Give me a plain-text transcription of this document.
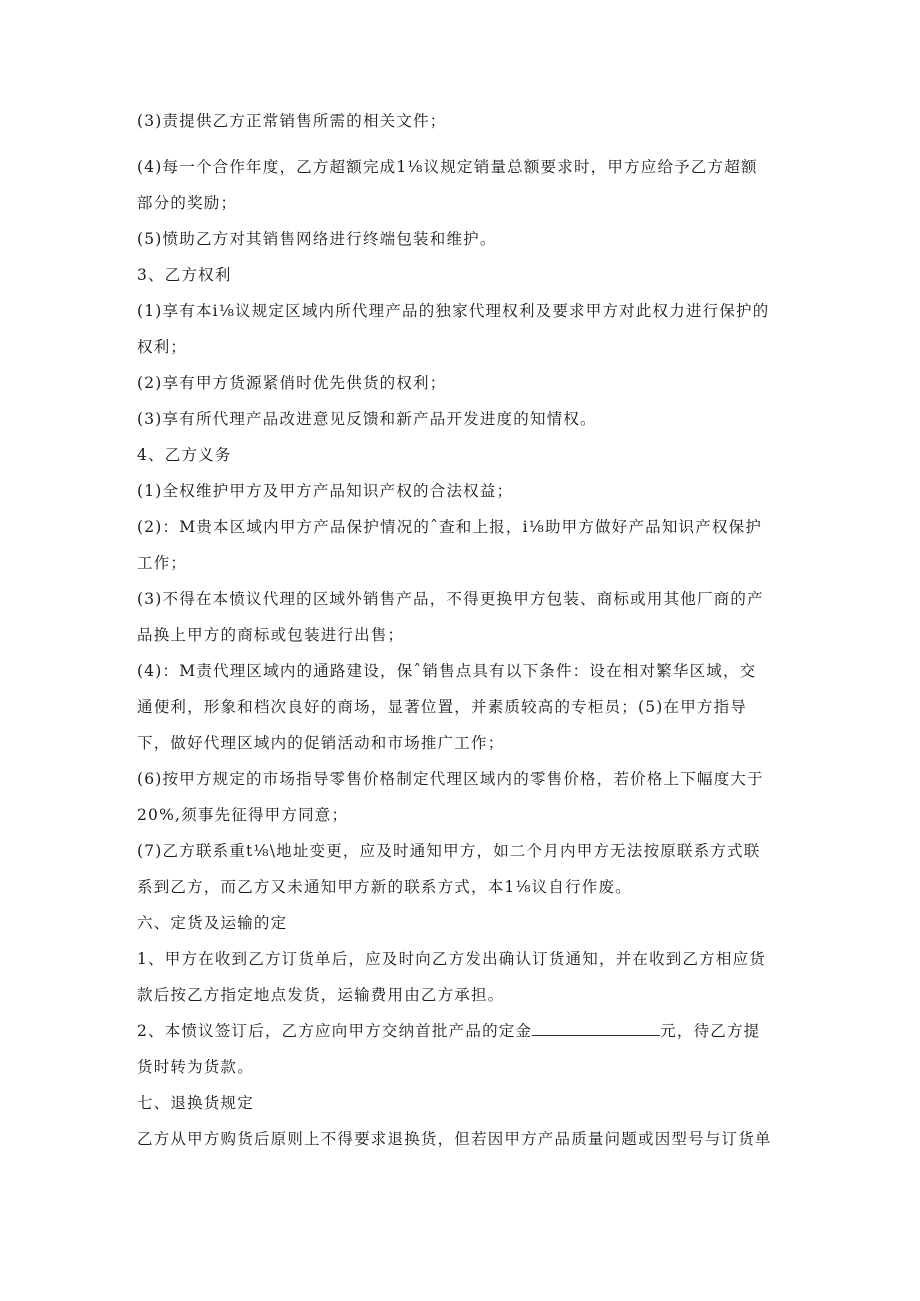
(3)责提供乙方正常销售所需的相关文件；

(4)每一个合作年度，乙方超额完成1⅛议规定销量总额要求时，甲方应给予乙方超额
部分的奖励；

(5)愤助乙方对其销售网络进行终端包装和维护。

3、乙方权利

(1)享有本i⅛议规定区域内所代理产品的独家代理权利及要求甲方对此权力进行保护的
权利；

(2)享有甲方货源紧俏时优先供货的权利；

(3)享有所代理产品改进意见反馈和新产品开发进度的知情权。

4、乙方义务

(1)全权维护甲方及甲方产品知识产权的合法权益；

(2)：M贵本区域内甲方产品保护情况的ˆ查和上报，i⅛助甲方做好产品知识产权保护
工作；

(3)不得在本愤议代理的区域外销售产品，不得更换甲方包装、商标或用其他厂商的产
品换上甲方的商标或包装进行出售；

(4)：M责代理区域内的通路建设，保ˆ销售点具有以下条件：设在相对繁华区域，交
通便利，形象和档次良好的商场，显著位置，并素质较高的专柜员；(5)在甲方指导
下，做好代理区域内的促销活动和市场推广工作；

(6)按甲方规定的市场指导零售价格制定代理区域内的零售价格，若价格上下幅度大于
20%,须事先征得甲方同意；

(7)乙方联系重t⅛\地址变更，应及时通知甲方，如二个月内甲方无法按原联系方式联
系到乙方，而乙方又未通知甲方新的联系方式，本1⅛议自行作废。

六、定货及运输的定

1、甲方在收到乙方订货单后，应及时向乙方发出确认订货通知，并在收到乙方相应货
款后按乙方指定地点发货，运输费用由乙方承担。

2、本愤议签订后，乙方应向甲方交纳首批产品的定金	元，待乙方提
货时转为货款。

七、退换货规定

乙方从甲方购货后原则上不得要求退换货，但若因甲方产品质量问题或因型号与订货单
